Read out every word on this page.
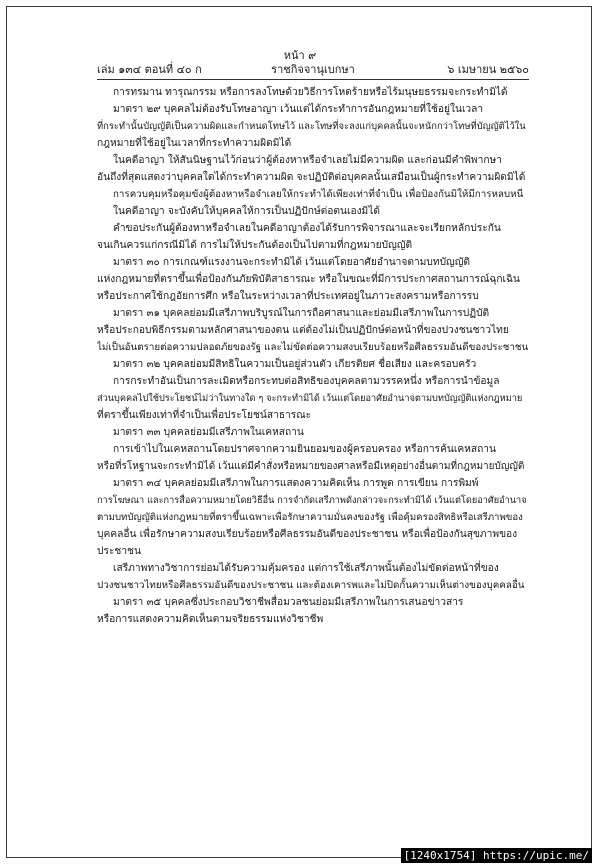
หน้า ๙
เล่ม ๑๓๔ ตอนที่ ๔๐ ก	ราชกิจจานุเบกษา	๖ เมษายน ๒๕๖๐
การทรมาน ทารุณกรรม หรือการลงโทษด้วยวิธีการโหดร้ายหรือไร้มนุษยธรรมจะกระทำมิได้
มาตรา ๒๙ บุคคลไม่ต้องรับโทษอาญา เว้นแต่ได้กระทำการอันกฎหมายที่ใช้อยู่ในเวลา
ที่กระทำนั้นบัญญัติเป็นความผิดและกำหนดโทษไว้ และโทษที่จะลงแก่บุคคลนั้นจะหนักกว่าโทษที่บัญญัติไว้ใน
กฎหมายที่ใช้อยู่ในเวลาที่กระทำความผิดมิได้
ในคดีอาญา ให้สันนิษฐานไว้ก่อนว่าผู้ต้องหาหรือจำเลยไม่มีความผิด และก่อนมีคำพิพากษา
อันถึงที่สุดแสดงว่าบุคคลใดได้กระทำความผิด จะปฏิบัติต่อบุคคลนั้นเสมือนเป็นผู้กระทำความผิดมิได้
การควบคุมหรือคุมขังผู้ต้องหาหรือจำเลยให้กระทำได้เพียงเท่าที่จำเป็น เพื่อป้องกันมิให้มีการหลบหนี
ในคดีอาญา จะบังคับให้บุคคลให้การเป็นปฏิปักษ์ต่อตนเองมิได้
คำขอประกันผู้ต้องหาหรือจำเลยในคดีอาญาต้องได้รับการพิจารณาและจะเรียกหลักประกัน
จนเกินควรแก่กรณีมิได้ การไม่ให้ประกันต้องเป็นไปตามที่กฎหมายบัญญัติ
มาตรา ๓๐ การเกณฑ์แรงงานจะกระทำมิได้ เว้นแต่โดยอาศัยอำนาจตามบทบัญญัติ
แห่งกฎหมายที่ตราขึ้นเพื่อป้องกันภัยพิบัติสาธารณะ หรือในขณะที่มีการประกาศสถานการณ์ฉุกเฉิน
หรือประกาศใช้กฎอัยการศึก หรือในระหว่างเวลาที่ประเทศอยู่ในภาวะสงครามหรือการรบ
มาตรา ๓๑ บุคคลย่อมมีเสรีภาพบริบูรณ์ในการถือศาสนาและย่อมมีเสรีภาพในการปฏิบัติ
หรือประกอบพิธีกรรมตามหลักศาสนาของตน แต่ต้องไม่เป็นปฏิปักษ์ต่อหน้าที่ของปวงชนชาวไทย
ไม่เป็นอันตรายต่อความปลอดภัยของรัฐ และไม่ขัดต่อความสงบเรียบร้อยหรือศีลธรรมอันดีของประชาชน
มาตรา ๓๒ บุคคลย่อมมีสิทธิในความเป็นอยู่ส่วนตัว เกียรติยศ ชื่อเสียง และครอบครัว
การกระทำอันเป็นการละเมิดหรือกระทบต่อสิทธิของบุคคลตามวรรคหนึ่ง หรือการนำข้อมูล
ส่วนบุคคลไปใช้ประโยชน์ไม่ว่าในทางใด ๆ จะกระทำมิได้ เว้นแต่โดยอาศัยอำนาจตามบทบัญญัติแห่งกฎหมาย
ที่ตราขึ้นเพียงเท่าที่จำเป็นเพื่อประโยชน์สาธารณะ
มาตรา ๓๓ บุคคลย่อมมีเสรีภาพในเคหสถาน
การเข้าไปในเคหสถานโดยปราศจากความยินยอมของผู้ครอบครอง หรือการค้นเคหสถาน
หรือที่รโหฐานจะกระทำมิได้ เว้นแต่มีคำสั่งหรือหมายของศาลหรือมีเหตุอย่างอื่นตามที่กฎหมายบัญญัติ
มาตรา ๓๔ บุคคลย่อมมีเสรีภาพในการแสดงความคิดเห็น การพูด การเขียน การพิมพ์
การโฆษณา และการสื่อความหมายโดยวิธีอื่น การจำกัดเสรีภาพดังกล่าวจะกระทำมิได้ เว้นแต่โดยอาศัยอำนาจ
ตามบทบัญญัติแห่งกฎหมายที่ตราขึ้นเฉพาะเพื่อรักษาความมั่นคงของรัฐ เพื่อคุ้มครองสิทธิหรือเสรีภาพของ
บุคคลอื่น เพื่อรักษาความสงบเรียบร้อยหรือศีลธรรมอันดีของประชาชน หรือเพื่อป้องกันสุขภาพของ
ประชาชน
เสรีภาพทางวิชาการย่อมได้รับความคุ้มครอง แต่การใช้เสรีภาพนั้นต้องไม่ขัดต่อหน้าที่ของ
ปวงชนชาวไทยหรือศีลธรรมอันดีของประชาชน และต้องเคารพและไม่ปิดกั้นความเห็นต่างของบุคคลอื่น
มาตรา ๓๕ บุคคลซึ่งประกอบวิชาชีพสื่อมวลชนย่อมมีเสรีภาพในการเสนอข่าวสาร
หรือการแสดงความคิดเห็นตามจริยธรรมแห่งวิชาชีพ
[1240x1754] https://upic.me/
